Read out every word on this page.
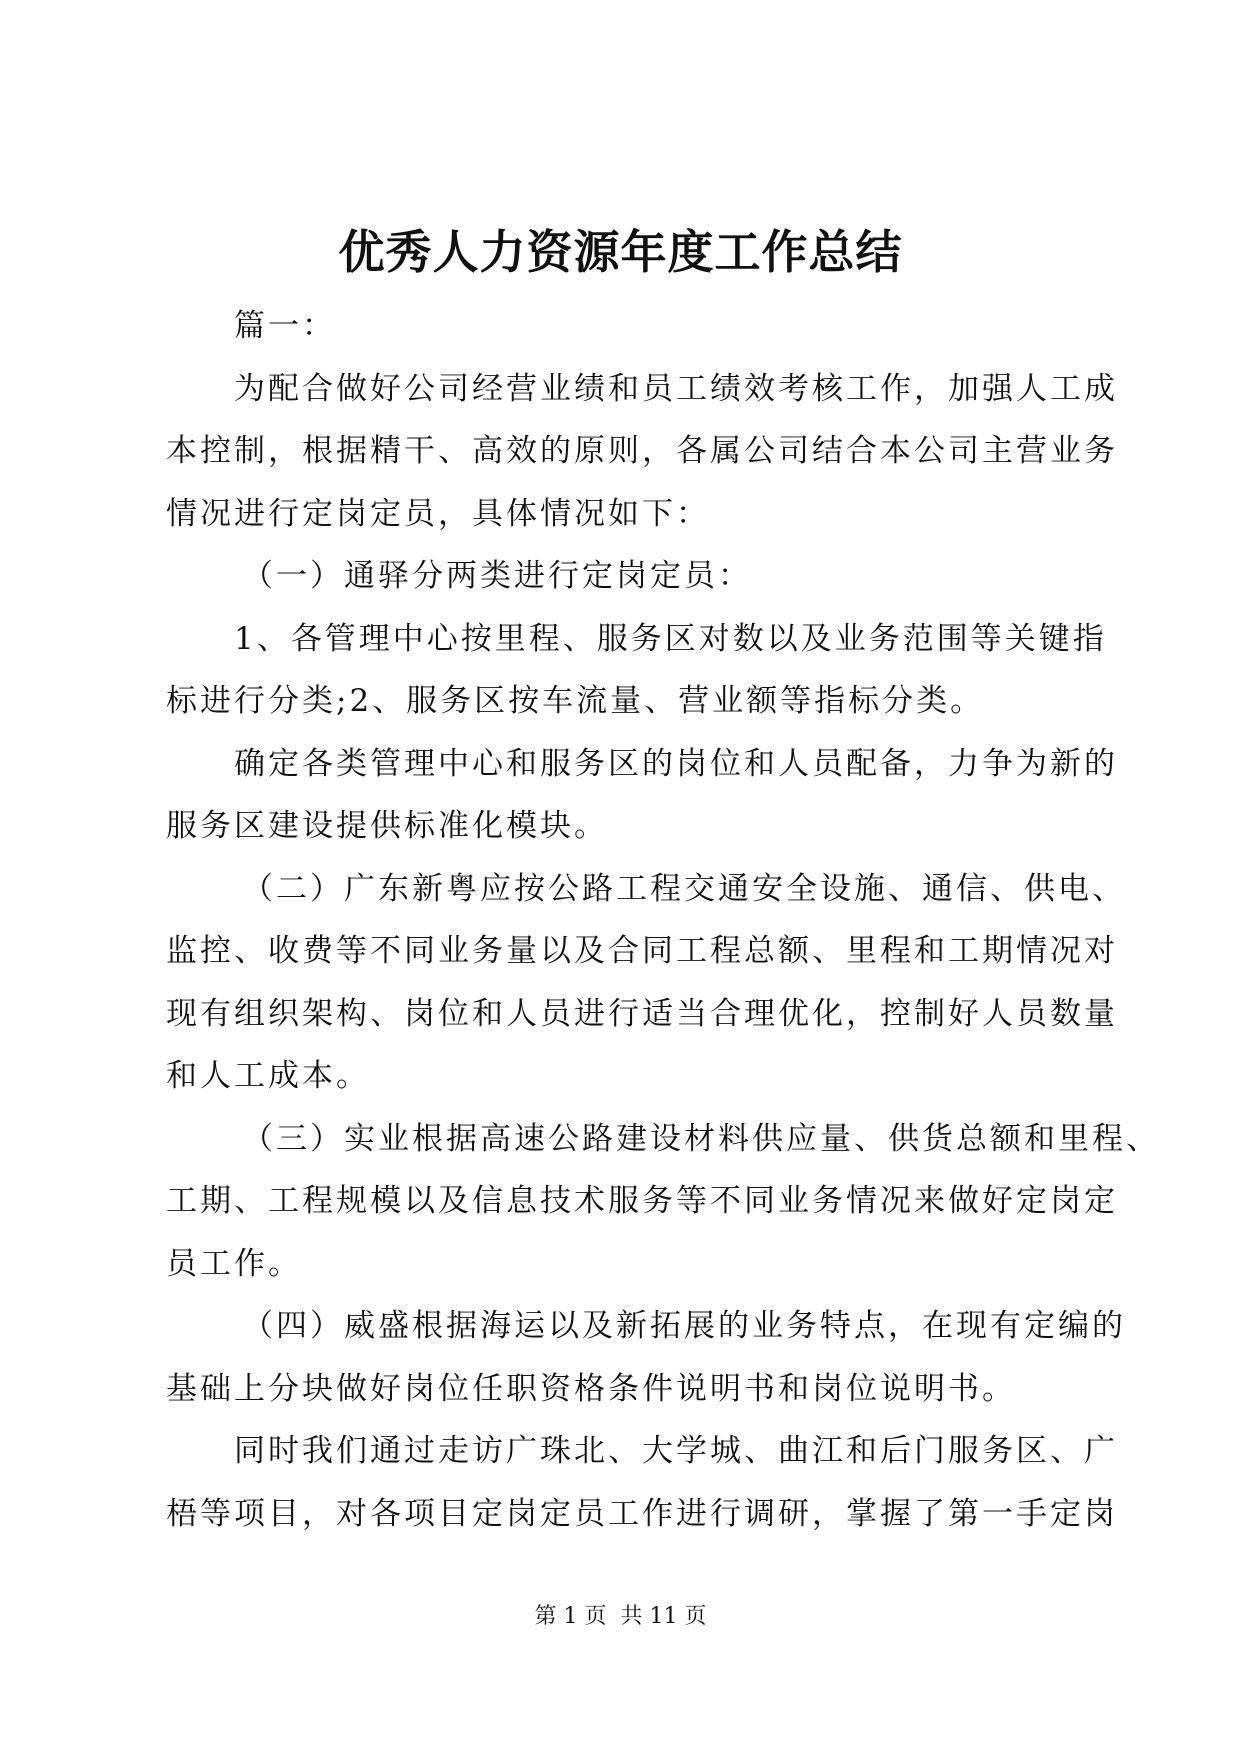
优秀人力资源年度工作总结
篇一：
为配合做好公司经营业绩和员工绩效考核工作，加强人工成
本控制，根据精干、高效的原则，各属公司结合本公司主营业务
情况进行定岗定员，具体情况如下：
（一）通驿分两类进行定岗定员：
1、各管理中心按里程、服务区对数以及业务范围等关键指
标进行分类;2、服务区按车流量、营业额等指标分类。
确定各类管理中心和服务区的岗位和人员配备，力争为新的
服务区建设提供标准化模块。
（二）广东新粤应按公路工程交通安全设施、通信、供电、
监控、收费等不同业务量以及合同工程总额、里程和工期情况对
现有组织架构、岗位和人员进行适当合理优化，控制好人员数量
和人工成本。
（三）实业根据高速公路建设材料供应量、供货总额和里程、
工期、工程规模以及信息技术服务等不同业务情况来做好定岗定
员工作。
（四）威盛根据海运以及新拓展的业务特点，在现有定编的
基础上分块做好岗位任职资格条件说明书和岗位说明书。
同时我们通过走访广珠北、大学城、曲江和后门服务区、广
梧等项目，对各项目定岗定员工作进行调研，掌握了第一手定岗
第 1 页  共 11 页
